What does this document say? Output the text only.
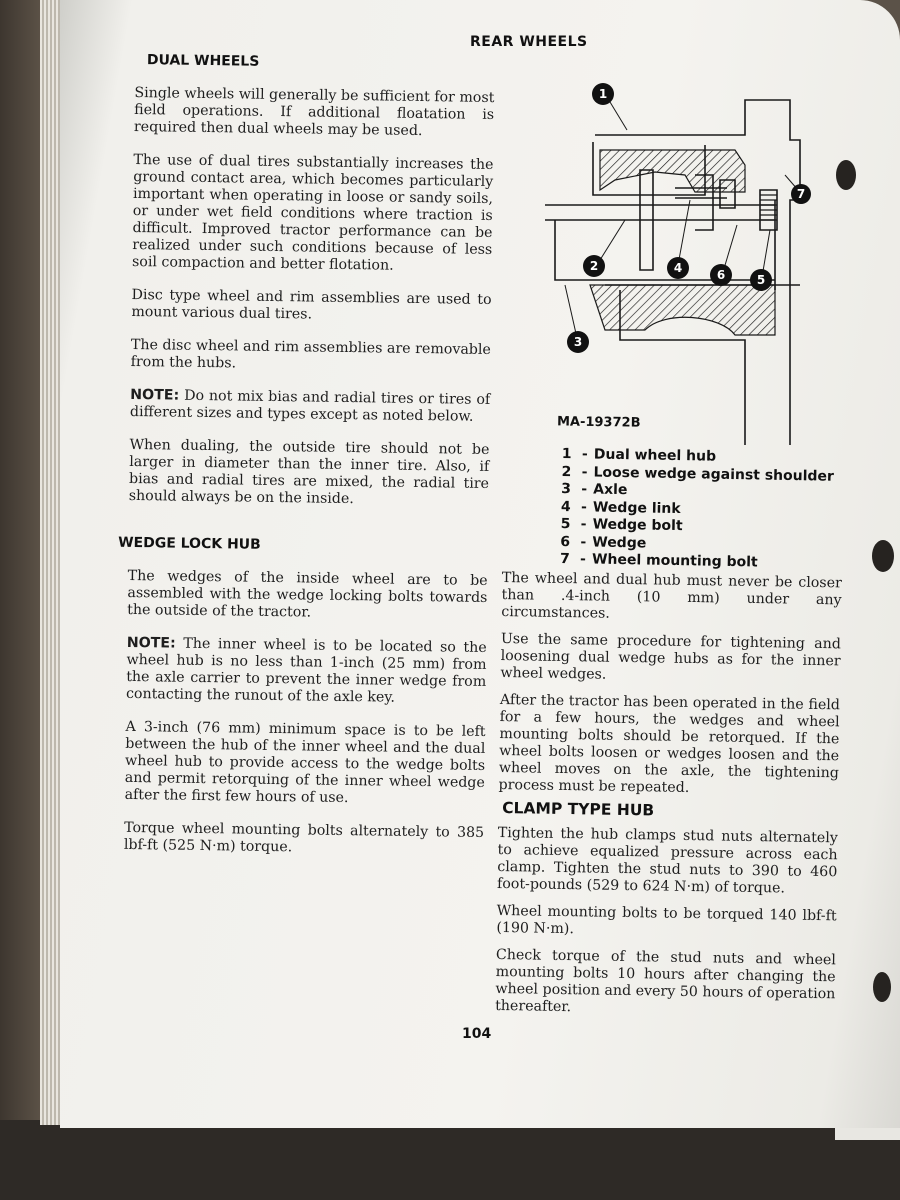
REAR WHEELS
DUAL WHEELS

Single wheels will generally be sufficient for most field operations. If additional floatation is required then dual wheels may be used.

The use of dual tires substantially increases the ground contact area, which becomes particularly important when operating in loose or sandy soils, or under wet field conditions where traction is difficult. Improved tractor performance can be realized under such conditions because of less soil compaction and better flotation.

Disc type wheel and rim assemblies are used to mount various dual tires.

The disc wheel and rim assemblies are removable from the hubs.

NOTE: Do not mix bias and radial tires or tires of different sizes and types except as noted below.

When dualing, the outside tire should not be larger in diameter than the inner tire. Also, if bias and radial tires are mixed, the radial tire should always be on the inside.

WEDGE LOCK HUB

The wedges of the inside wheel are to be assembled with the wedge locking bolts towards the outside of the tractor.

NOTE: The inner wheel is to be located so the wheel hub is no less than 1-inch (25 mm) from the axle carrier to prevent the inner wedge from contacting the runout of the axle key.

A 3-inch (76 mm) minimum space is to be left between the hub of the inner wheel and the dual wheel hub to provide access to the wedge bolts and permit retorquing of the inner wheel wedge after the first few hours of use.

Torque wheel mounting bolts alternately to 385 lbf-ft (525 N·m) torque.

1
2
3
4	6	5
7
MA-19372B
1 - Dual wheel hub
2 - Loose wedge against shoulder
3 - Axle
4 - Wedge link
5 - Wedge bolt
6 - Wedge
7 - Wheel mounting bolt

The wheel and dual hub must never be closer than .4-inch (10 mm) under any circumstances.

Use the same procedure for tightening and loosening dual wedge hubs as for the inner wheel wedges.

After the tractor has been operated in the field for a few hours, the wedges and wheel mounting bolts should be retorqued. If the wheel bolts loosen or wedges loosen and the wheel moves on the axle, the tightening process must be repeated.

CLAMP TYPE HUB

Tighten the hub clamps stud nuts alternately to achieve equalized pressure across each clamp. Tighten the stud nuts to 390 to 460 foot-pounds (529 to 624 N·m) of torque.

Wheel mounting bolts to be torqued 140 lbf-ft (190 N·m).

Check torque of the stud nuts and wheel mounting bolts 10 hours after changing the wheel position and every 50 hours of operation thereafter.

104
